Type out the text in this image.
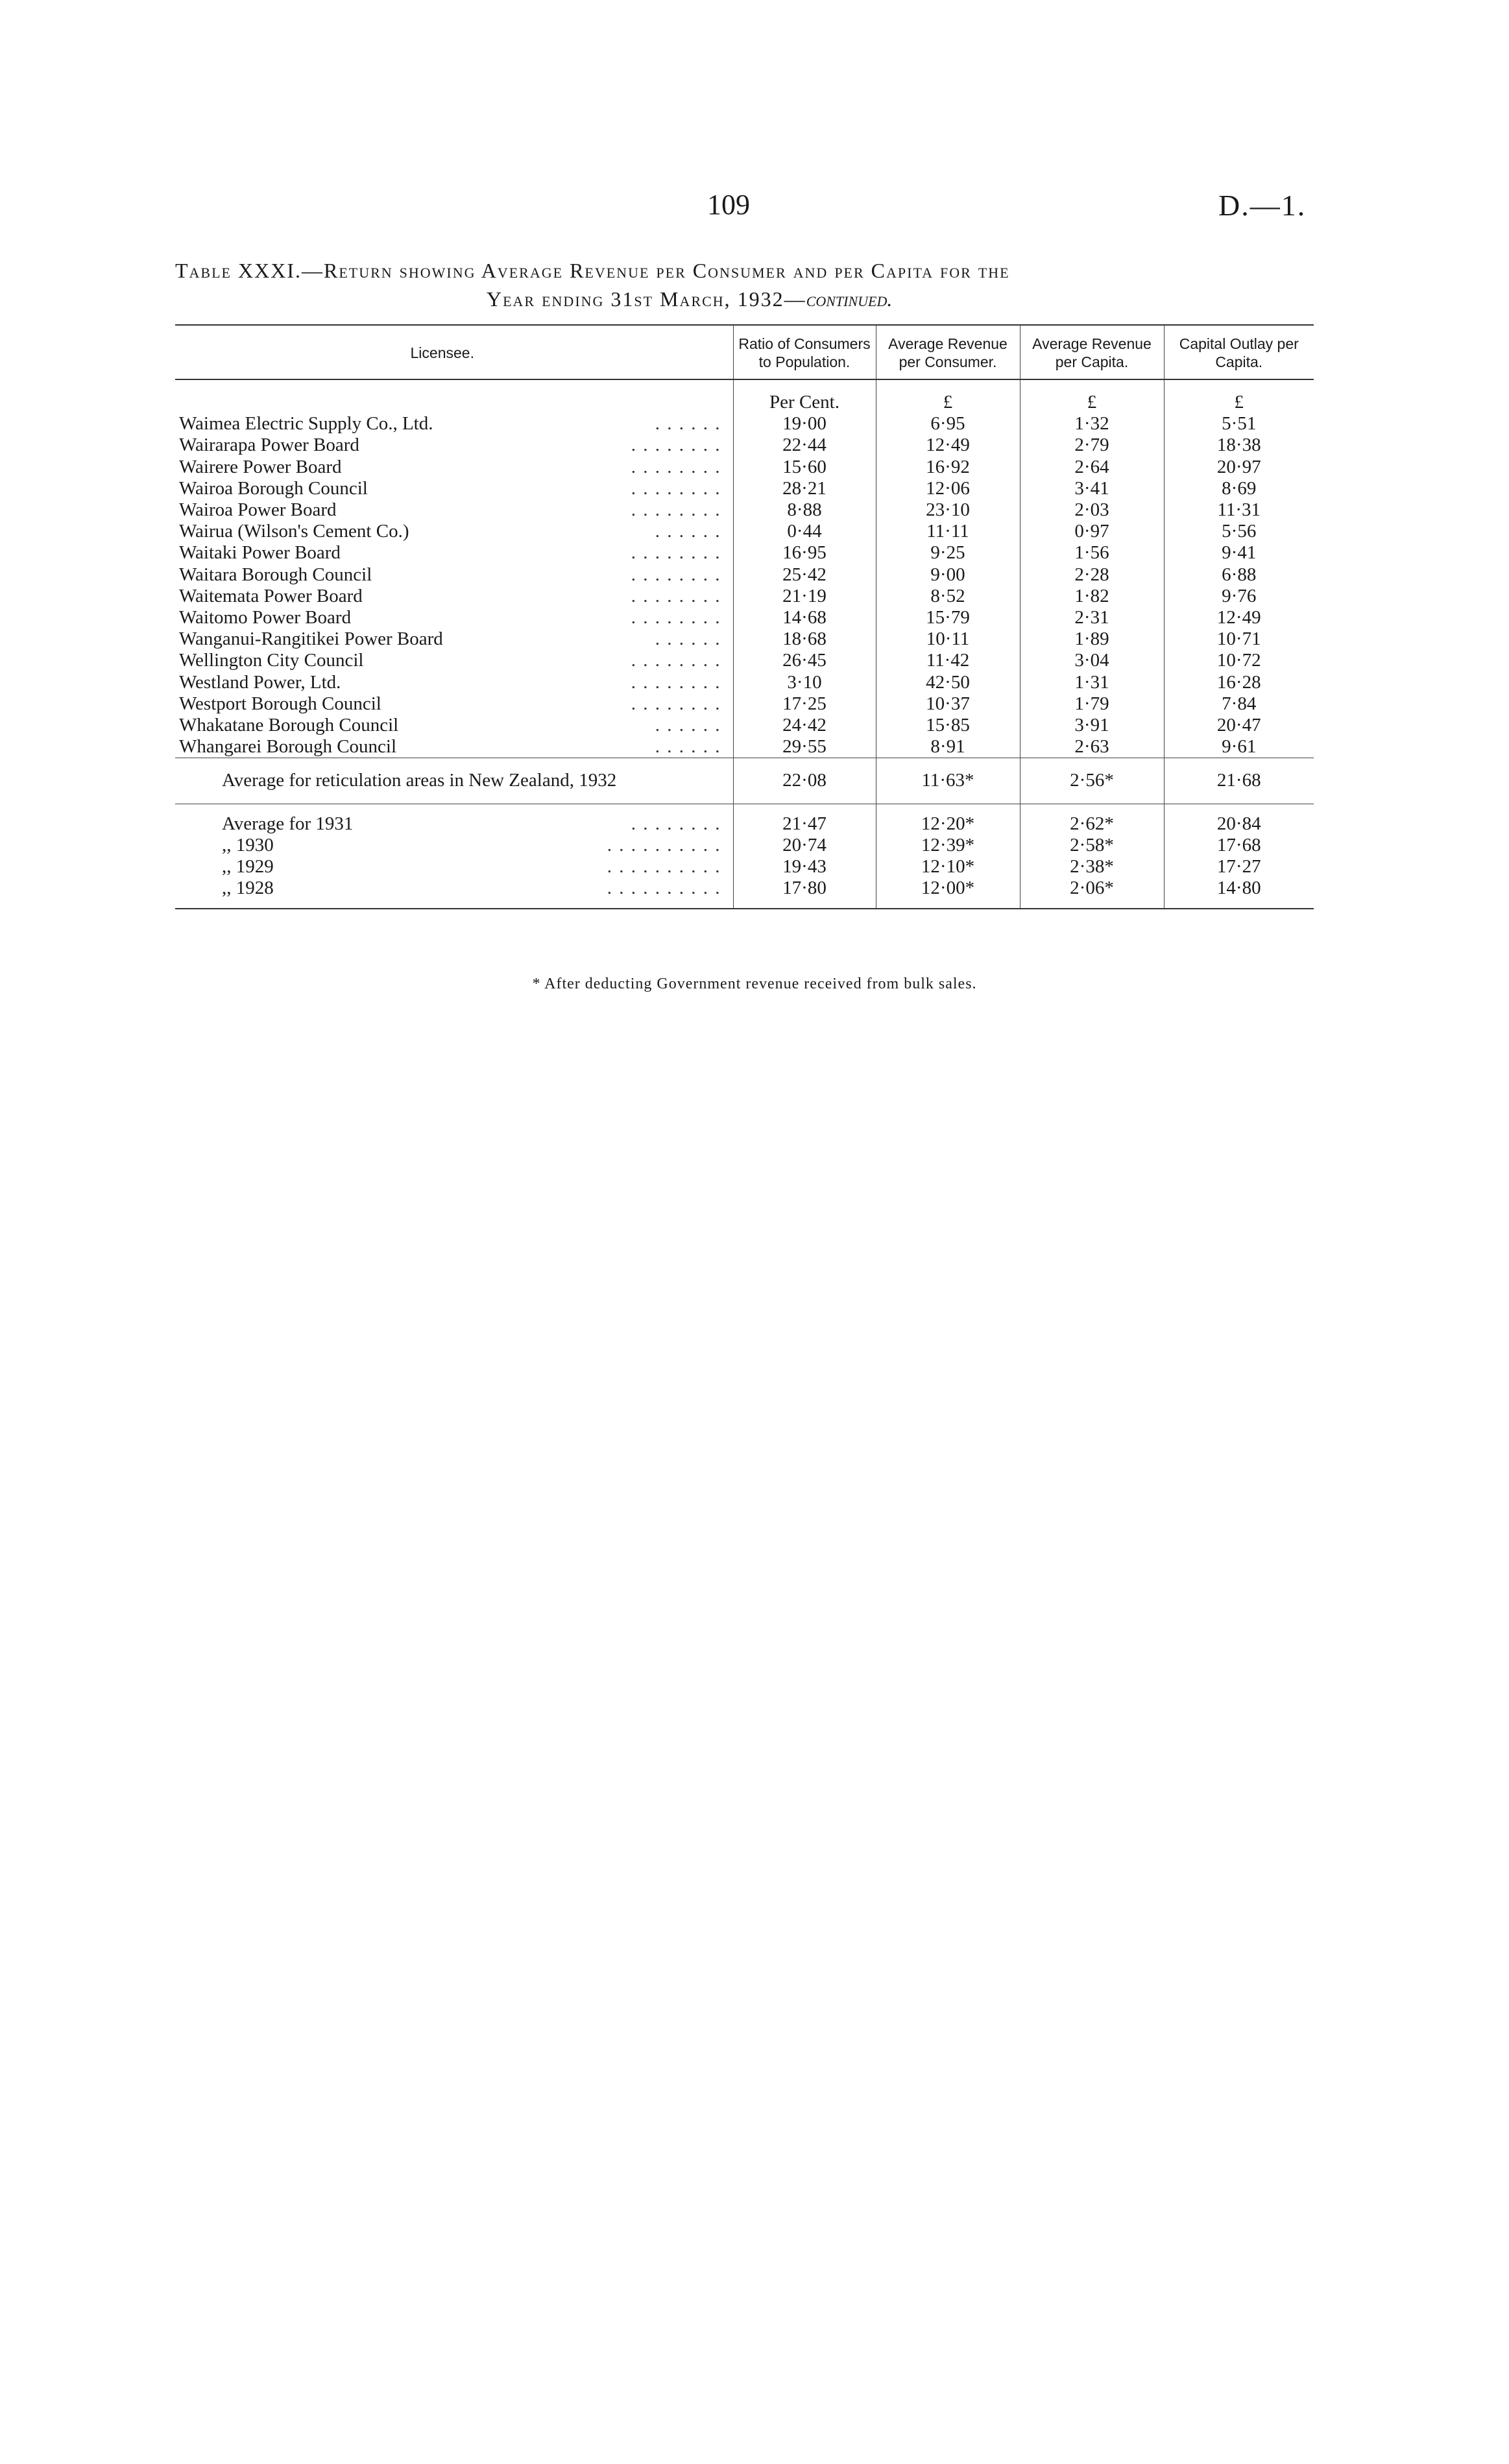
109	D.—1.
Table XXXI.—Return showing Average Revenue per Consumer and per Capita for the
Year ending 31st March, 1932—continued.
Licensee.	Ratio of Consumers to Population.	Average Revenue per Consumer.	Average Revenue per Capita.	Capital Outlay per Capita.
	Per Cent.	£	£	£
Waimea Electric Supply Co., Ltd. . . . . . .	19·00	6·95	1·32	5·51
Wairarapa Power Board . . . . . . . .	22·44	12·49	2·79	18·38
Wairere Power Board . . . . . . . .	15·60	16·92	2·64	20·97
Wairoa Borough Council . . . . . . . .	28·21	12·06	3·41	8·69
Wairoa Power Board . . . . . . . .	8·88	23·10	2·03	11·31
Wairua (Wilson's Cement Co.) . . . . . .	0·44	11·11	0·97	5·56
Waitaki Power Board . . . . . . . .	16·95	9·25	1·56	9·41
Waitara Borough Council . . . . . . . .	25·42	9·00	2·28	6·88
Waitemata Power Board . . . . . . . .	21·19	8·52	1·82	9·76
Waitomo Power Board . . . . . . . .	14·68	15·79	2·31	12·49
Wanganui-Rangitikei Power Board . . . . . .	18·68	10·11	1·89	10·71
Wellington City Council . . . . . . . .	26·45	11·42	3·04	10·72
Westland Power, Ltd. . . . . . . . .	3·10	42·50	1·31	16·28
Westport Borough Council . . . . . . . .	17·25	10·37	1·79	7·84
Whakatane Borough Council . . . . . .	24·42	15·85	3·91	20·47
Whangarei Borough Council . . . . . .	29·55	8·91	2·63	9·61
Average for reticulation areas in New Zealand, 1932	22·08	11·63*	2·56*	21·68
Average for 1931 . . . . . . . .	21·47	12·20*	2·62*	20·84
,, 1930 . . . . . . . . . .	20·74	12·39*	2·58*	17·68
,, 1929 . . . . . . . . . .	19·43	12·10*	2·38*	17·27
,, 1928 . . . . . . . . . .	17·80	12·00*	2·06*	14·80
* After deducting Government revenue received from bulk sales.
